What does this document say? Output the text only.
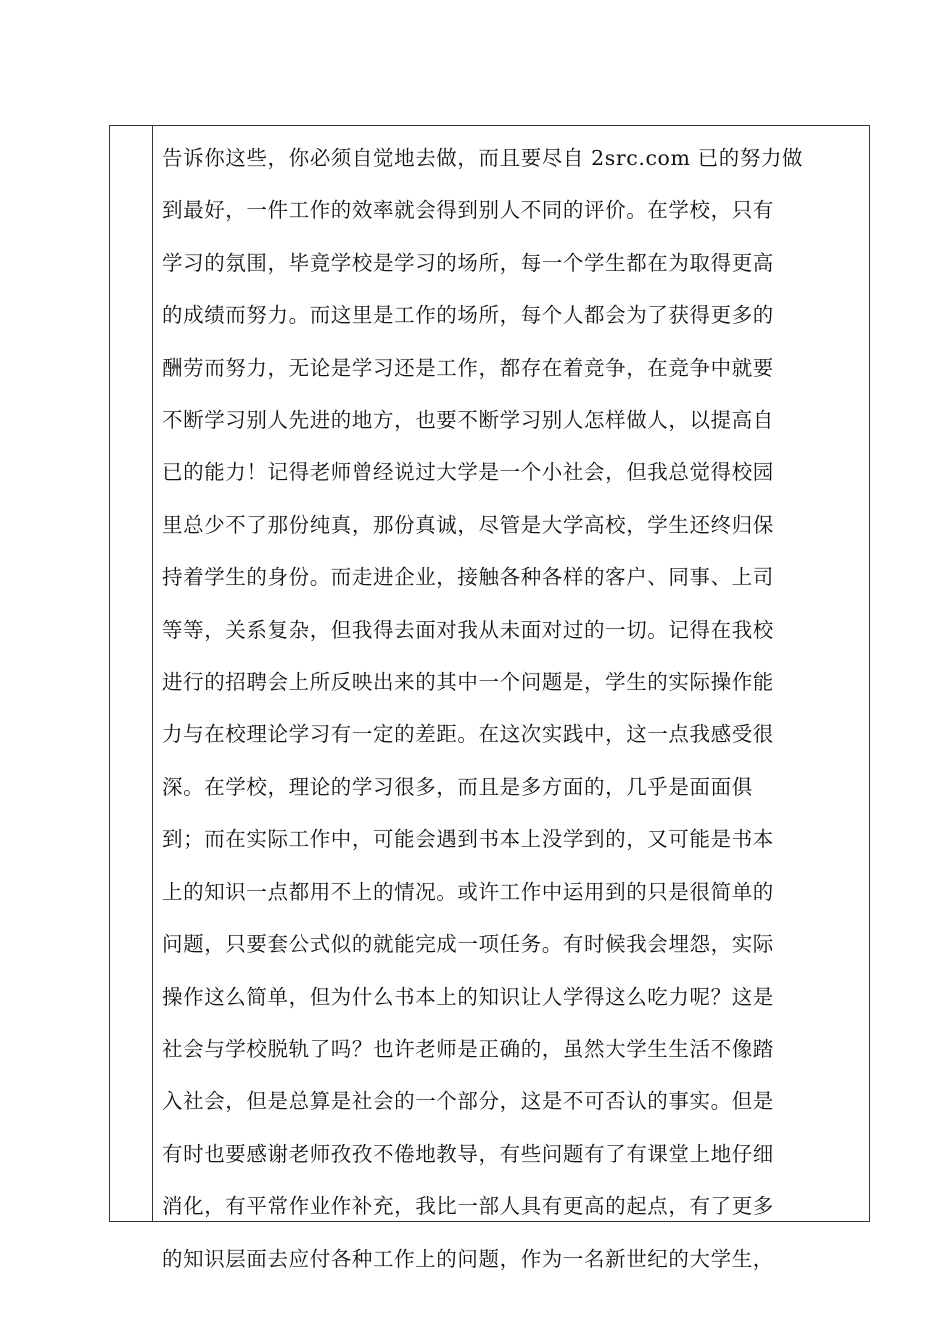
告诉你这些，你必须自觉地去做，而且要尽自 2src.com 已的努力做
到最好，一件工作的效率就会得到别人不同的评价。在学校，只有
学习的氛围，毕竟学校是学习的场所，每一个学生都在为取得更高
的成绩而努力。而这里是工作的场所，每个人都会为了获得更多的
酬劳而努力，无论是学习还是工作，都存在着竞争，在竞争中就要
不断学习别人先进的地方，也要不断学习别人怎样做人，以提高自
已的能力！记得老师曾经说过大学是一个小社会，但我总觉得校园
里总少不了那份纯真，那份真诚，尽管是大学高校，学生还终归保
持着学生的身份。而走进企业，接触各种各样的客户、同事、上司
等等，关系复杂，但我得去面对我从未面对过的一切。记得在我校
进行的招聘会上所反映出来的其中一个问题是，学生的实际操作能
力与在校理论学习有一定的差距。在这次实践中，这一点我感受很
深。在学校，理论的学习很多，而且是多方面的，几乎是面面俱
到；而在实际工作中，可能会遇到书本上没学到的，又可能是书本
上的知识一点都用不上的情况。或许工作中运用到的只是很简单的
问题，只要套公式似的就能完成一项任务。有时候我会埋怨，实际
操作这么简单，但为什么书本上的知识让人学得这么吃力呢？这是
社会与学校脱轨了吗？也许老师是正确的，虽然大学生生活不像踏
入社会，但是总算是社会的一个部分，这是不可否认的事实。但是
有时也要感谢老师孜孜不倦地教导，有些问题有了有课堂上地仔细
消化，有平常作业作补充，我比一部人具有更高的起点，有了更多
的知识层面去应付各种工作上的问题，作为一名新世纪的大学生，
